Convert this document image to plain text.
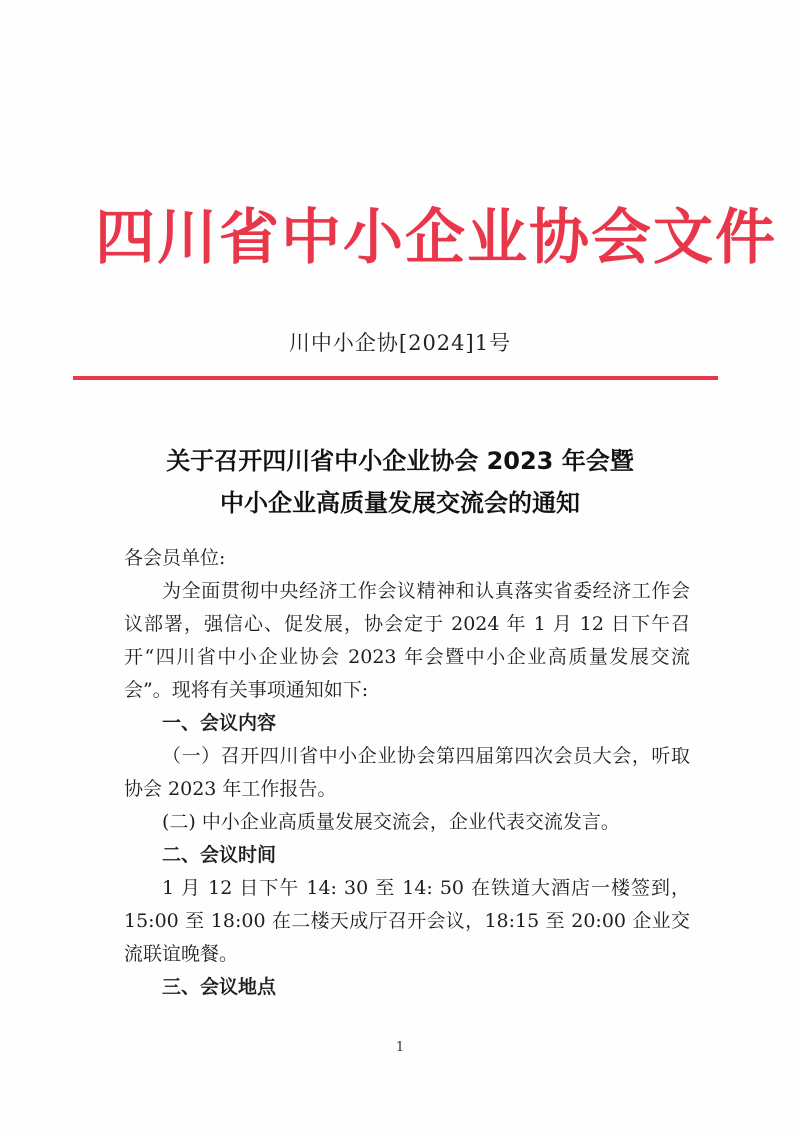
四川省中小企业协会文件
川中小企协[2024]1号
关于召开四川省中小企业协会 2023 年会暨
中小企业高质量发展交流会的通知

各会员单位:

为全面贯彻中央经济工作会议精神和认真落实省委经济工作会议部署，强信心、促发展，协会定于 2024 年 1 月 12 日下午召开“四川省中小企业协会 2023 年会暨中小企业高质量发展交流会”。现将有关事项通知如下:

一、会议内容

（一）召开四川省中小企业协会第四届第四次会员大会，听取协会 2023 年工作报告。

(二) 中小企业高质量发展交流会，企业代表交流发言。

二、会议时间

1 月 12 日下午 14: 30 至 14: 50 在铁道大酒店一楼签到，15:00 至 18:00 在二楼天成厅召开会议，18:15 至 20:00 企业交流联谊晚餐。

三、会议地点

1
